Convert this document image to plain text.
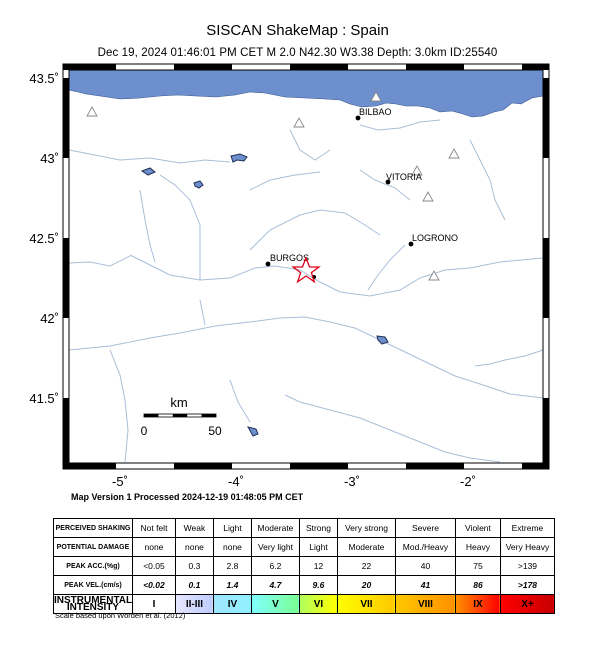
SISCAN ShakeMap : Spain
Dec 19, 2024 01:46:01 PM CET M 2.0 N42.30 W3.38 Depth: 3.0km ID:25540
BILBAO
VITORIA
LOGRONO
BURGOS
km
0	50
43.5˚
43˚
42.5˚
42˚
41.5˚
-5˚	-4˚	-3˚	-2˚
Map Version 1 Processed 2024-12-19 01:48:05 PM CET
PERCEIVED SHAKING	Not felt	Weak	Light	Moderate	Strong	Very strong	Severe	Violent	Extreme
POTENTIAL DAMAGE	none	none	none	Very light	Light	Moderate	Mod./Heavy	Heavy	Very Heavy
PEAK ACC.(%g)	<0.05	0.3	2.8	6.2	12	22	40	75	>139
PEAK VEL.(cm/s)	<0.02	0.1	1.4	4.7	9.6	20	41	86	>178
INSTRUMENTAL INTENSITY	I	II-III	IV	V	VI	VII	VIII	IX	X+
Scale based upon Worden et al. (2012)
